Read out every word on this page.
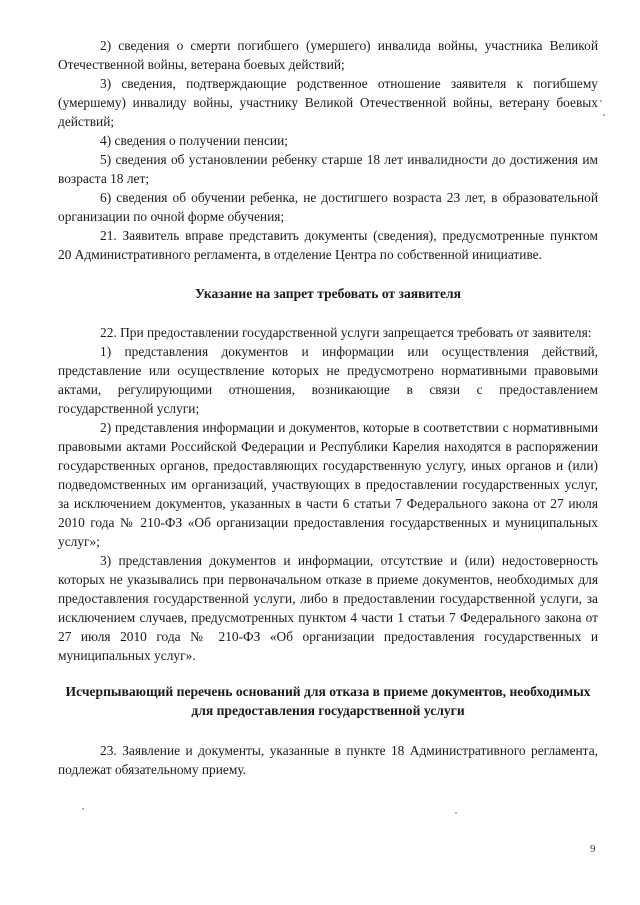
2) сведения о смерти погибшего (умершего) инвалида войны, участника Великой Отечественной войны, ветерана боевых действий;

3) сведения, подтверждающие родственное отношение заявителя к погибшему (умершему) инвалиду войны, участнику Великой Отечественной войны, ветерану боевых действий;

4) сведения о получении пенсии;

5) сведения об установлении ребенку старше 18 лет инвалидности до достижения им возраста 18 лет;

6) сведения об обучении ребенка, не достигшего возраста 23 лет, в образовательной организации по очной форме обучения;

21. Заявитель вправе представить документы (сведения), предусмотренные пунктом 20 Административного регламента, в отделение Центра по собственной инициативе.

Указание на запрет требовать от заявителя

22. При предоставлении государственной услуги запрещается требовать от заявителя:

1) представления документов и информации или осуществления действий, представление или осуществление которых не предусмотрено нормативными правовыми актами, регулирующими отношения, возникающие в связи с предоставлением государственной услуги;

2) представления информации и документов, которые в соответствии с нормативными правовыми актами Российской Федерации и Республики Карелия находятся в распоряжении государственных органов, предоставляющих государственную услугу, иных органов и (или) подведомственных им организаций, участвующих в предоставлении государственных услуг, за исключением документов, указанных в части 6 статьи 7 Федерального закона от 27 июля 2010 года № 210-ФЗ «Об организации предоставления государственных и муниципальных услуг»;

3) представления документов и информации, отсутствие и (или) недостоверность которых не указывались при первоначальном отказе в приеме документов, необходимых для предоставления государственной услуги, либо в предоставлении государственной услуги, за исключением случаев, предусмотренных пунктом 4 части 1 статьи 7 Федерального закона от 27 июля 2010 года № 210-ФЗ «Об организации предоставления государственных и муниципальных услуг».

Исчерпывающий перечень оснований для отказа в приеме документов, необходимых для предоставления государственной услуги

23. Заявление и документы, указанные в пункте 18 Административного регламента, подлежат обязательному приему.

9
